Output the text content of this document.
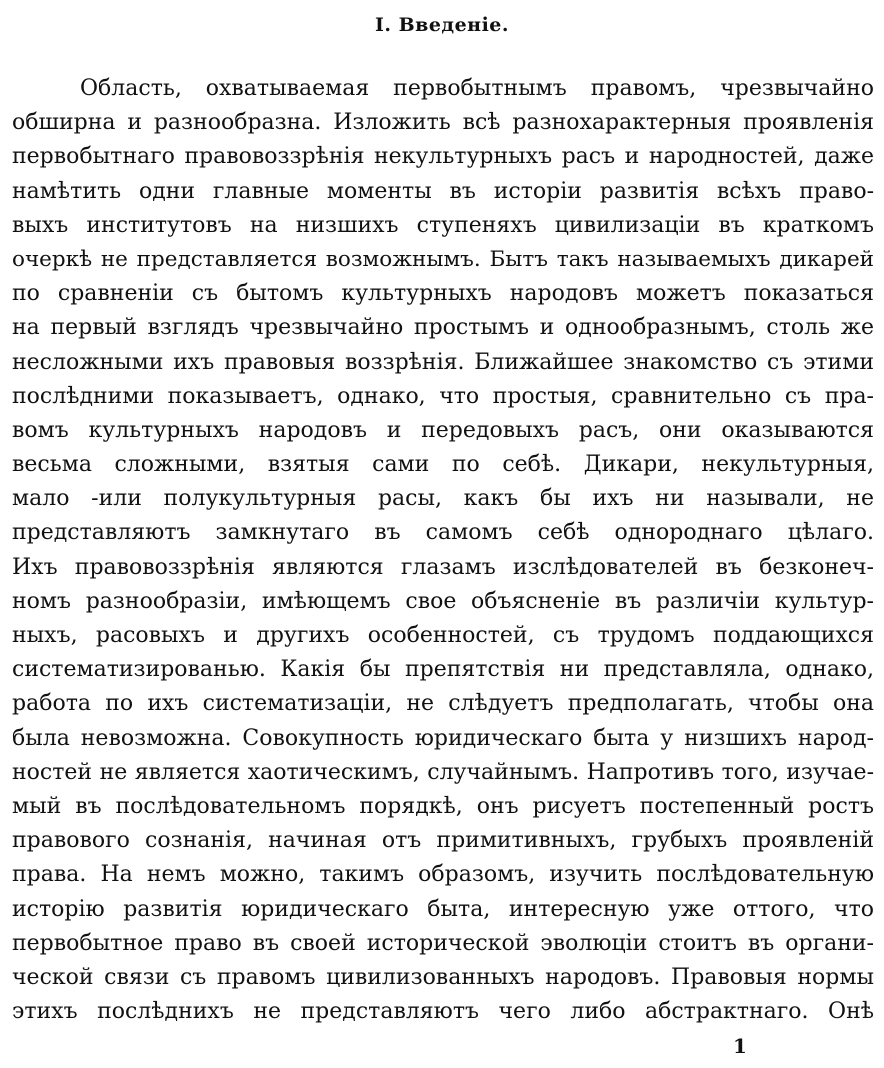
I. Введеніе.
Область, охватываемая первобытнымъ правомъ, чрезвычайно
обширна и разнообразна. Изложить всѣ разнохарактерныя проявленія
первобытнаго правовоззрѣнія некультурныхъ расъ и народностей, даже
намѣтить одни главные моменты въ исторіи развитія всѣхъ право-
выхъ институтовъ на низшихъ ступеняхъ цивилизаціи въ краткомъ
очеркѣ не представляется возможнымъ. Бытъ такъ называемыхъ дикарей
по сравненіи съ бытомъ культурныхъ народовъ можетъ показаться
на первый взглядъ чрезвычайно простымъ и однообразнымъ, столь же
несложными ихъ правовыя воззрѣнія. Ближайшее знакомство съ этими
послѣдними показываетъ, однако, что простыя, сравнительно съ пра-
вомъ культурныхъ народовъ и передовыхъ расъ, они оказываются
весьма сложными, взятыя сами по себѣ. Дикари, некультурныя,
мало -или полукультурныя расы, какъ бы ихъ ни называли, не
представляютъ замкнутаго въ самомъ себѣ однороднаго цѣлаго.
Ихъ правовоззрѣнія являются глазамъ изслѣдователей въ безконеч-
номъ разнообразіи, имѣющемъ свое объясненіе въ различіи культур-
ныхъ, расовыхъ и другихъ особенностей, съ трудомъ поддающихся
систематизированью. Какія бы препятствія ни представляла, однако,
работа по ихъ систематизаціи, не слѣдуетъ предполагать, чтобы она
была невозможна. Совокупность юридическаго быта у низшихъ народ-
ностей не является хаотическимъ, случайнымъ. Напротивъ того, изучае-
мый въ послѣдовательномъ порядкѣ, онъ рисуетъ постепенный ростъ
правового сознанія, начиная отъ примитивныхъ, грубыхъ проявленій
права. На немъ можно, такимъ образомъ, изучить послѣдовательную
исторію развитія юридическаго быта, интересную уже оттого, что
первобытное право въ своей исторической эволюціи стоитъ въ органи-
ческой связи съ правомъ цивилизованныхъ народовъ. Правовыя нормы
этихъ послѣднихъ не представляютъ чего либо абстрактнаго. Онѣ
1
